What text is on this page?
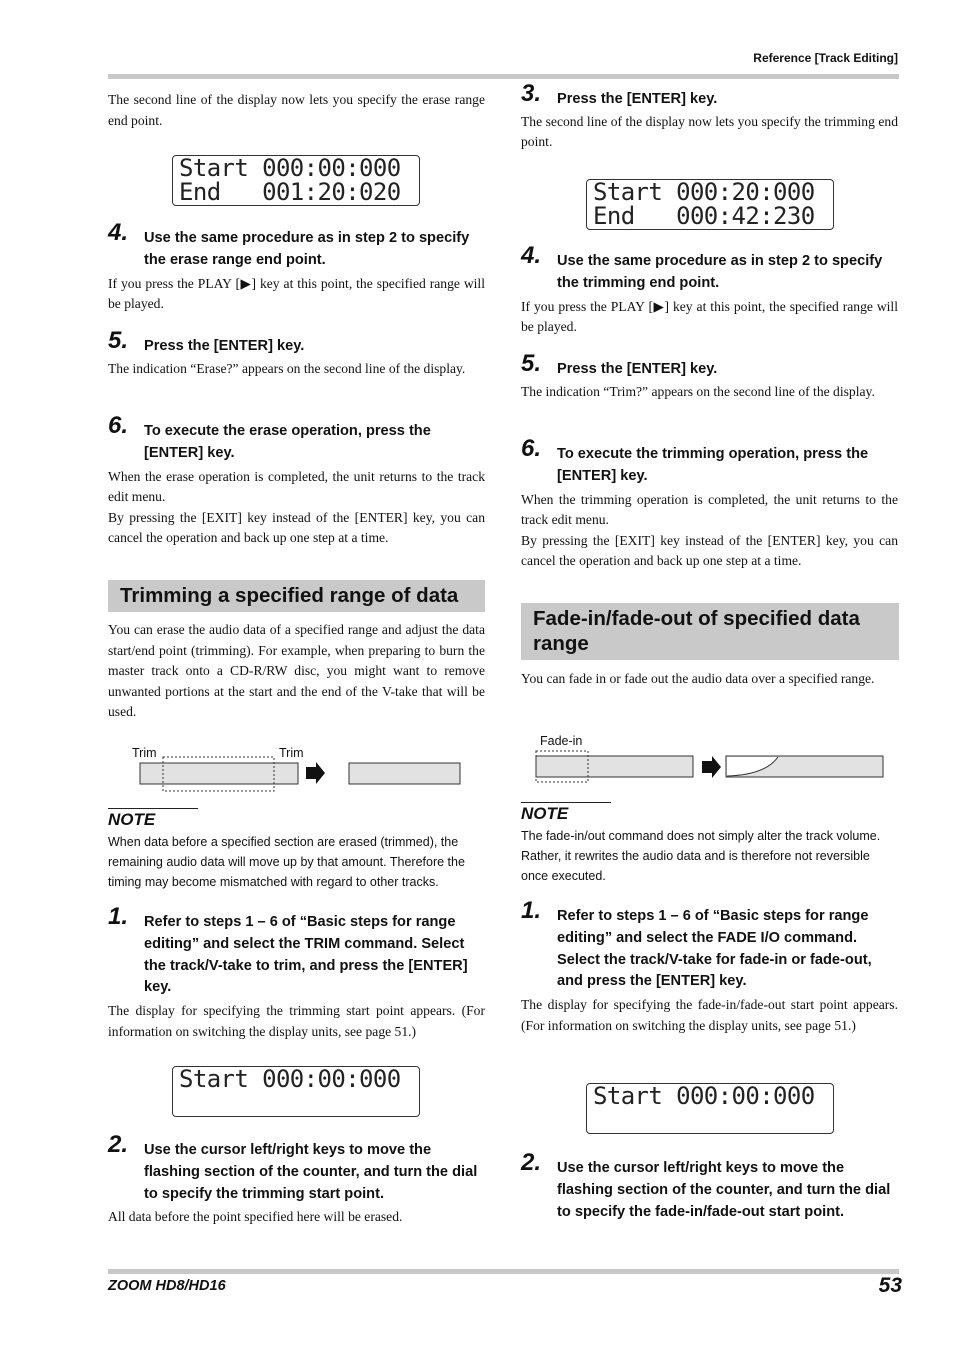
Reference [Track Editing]

The second line of the display now lets you specify the erase range end point.

Start 000:00:000
End   001:20:020

4. Use the same procedure as in step 2 to specify the erase range end point.

If you press the PLAY [▶] key at this point, the specified range will be played.

5. Press the [ENTER] key.

The indication “Erase?” appears on the second line of the display.

6. To execute the erase operation, press the [ENTER] key.

When the erase operation is completed, the unit returns to the track edit menu.

By pressing the [EXIT] key instead of the [ENTER] key, you can cancel the operation and back up one step at a time.

Trimming a specified range of data

You can erase the audio data of a specified range and adjust the data start/end point (trimming). For example, when preparing to burn the master track onto a CD-R/RW disc, you might want to remove unwanted portions at the start and the end of the V-take that will be used.

Trim	Trim
NOTE
When data before a specified section are erased (trimmed), the remaining audio data will move up by that amount. Therefore the timing may become mismatched with regard to other tracks.

1. Refer to steps 1 – 6 of “Basic steps for range editing” and select the TRIM command. Select the track/V-take to trim, and press the [ENTER] key.

The display for specifying the trimming start point appears. (For information on switching the display units, see page 51.)

Start 000:00:000

2. Use the cursor left/right keys to move the flashing section of the counter, and turn the dial to specify the trimming start point.

All data before the point specified here will be erased.

3. Press the [ENTER] key.

The second line of the display now lets you specify the trimming end point.

Start 000:20:000
End   000:42:230

4. Use the same procedure as in step 2 to specify the trimming end point.

If you press the PLAY [▶] key at this point, the specified range will be played.

5. Press the [ENTER] key.

The indication “Trim?” appears on the second line of the display.

6. To execute the trimming operation, press the [ENTER] key.

When the trimming operation is completed, the unit returns to the track edit menu.

By pressing the [EXIT] key instead of the [ENTER] key, you can cancel the operation and back up one step at a time.

Fade-in/fade-out of specified data range

You can fade in or fade out the audio data over a specified range.

Fade-in
NOTE
The fade-in/out command does not simply alter the track volume. Rather, it rewrites the audio data and is therefore not reversible once executed.

1. Refer to steps 1 – 6 of “Basic steps for range editing” and select the FADE I/O command. Select the track/V-take for fade-in or fade-out, and press the [ENTER] key.

The display for specifying the fade-in/fade-out start point appears. (For information on switching the display units, see page 51.)

Start 000:00:000

2. Use the cursor left/right keys to move the flashing section of the counter, and turn the dial to specify the fade-in/fade-out start point.

ZOOM HD8/HD16	53
